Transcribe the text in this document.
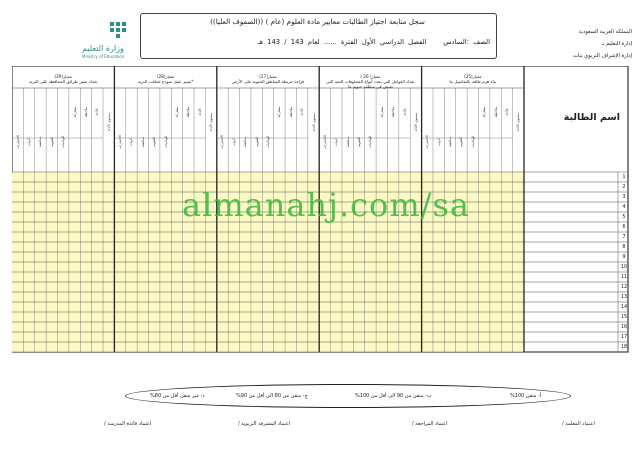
المملكة العربية السعودية
إدارة التعليم بـ
إدارة الإشراف التربوي بنات
وزارة التعليم
Ministry of Education
سجل متابعة اجتياز الطالبات معايير مادة العلوم (عام ) ((الصفوف العليا))
الصف :السادس    الفصل الدراسي الأول الفترة ...... لعام 143 / 143 هـ
اسم الطالبة
معيار(25)
بناء هرم طاقة بالتفاصيل ما
مستوى الأداء
الأداء
ملاحظة
مشاركة
الواجبات
التقويم
مناقشة
أدوات
الاختبارات
معيار( 26 )
تعداد العوامل التي تحدد أنواع المخلوقات الحية التي تعيش في منطقة حيوية ما
مستوى الأداء
الأداء
ملاحظة
مشاركة
الواجبات
التقويم
مناقشة
أدوات
الاختبارات
معيار(27)
قراءة خريطة المناطق الحيوية على الأرض
مستوى الأداء
الأداء
ملاحظة
مشاركة
الواجبات
التقويم
مناقشة
أدوات
الاختبارات
معيار(28)
*تمييز عمل نموذج لتعاقب التربة
مستوى الأداء
الأداء
ملاحظة
مشاركة
الواجبات
التقويم
مناقشة
أدوات
الاختبارات
معيار(29)
تعداد بعض طرائق المحافظة على التربة
مستوى الأداء
الأداء
ملاحظة
مشاركة
الواجبات
التقويم
مناقشة
أدوات
الاختبارات
1
2
3
4
5
6
7
8
9
10
11
12
13
14
15
16
17
18
almanahj.com/sa
أ- متقن 100%
ب- متقن من 90 الى أقل من 100%
ج- متقن من 80 الى أقل من 90%
د- غير متقن أقل من 80%
اعتماد المعلمة /
اعتماد المراجعة /
اعتماد المشرفة التربوية /
اعتماد قائدة المدرسة /
